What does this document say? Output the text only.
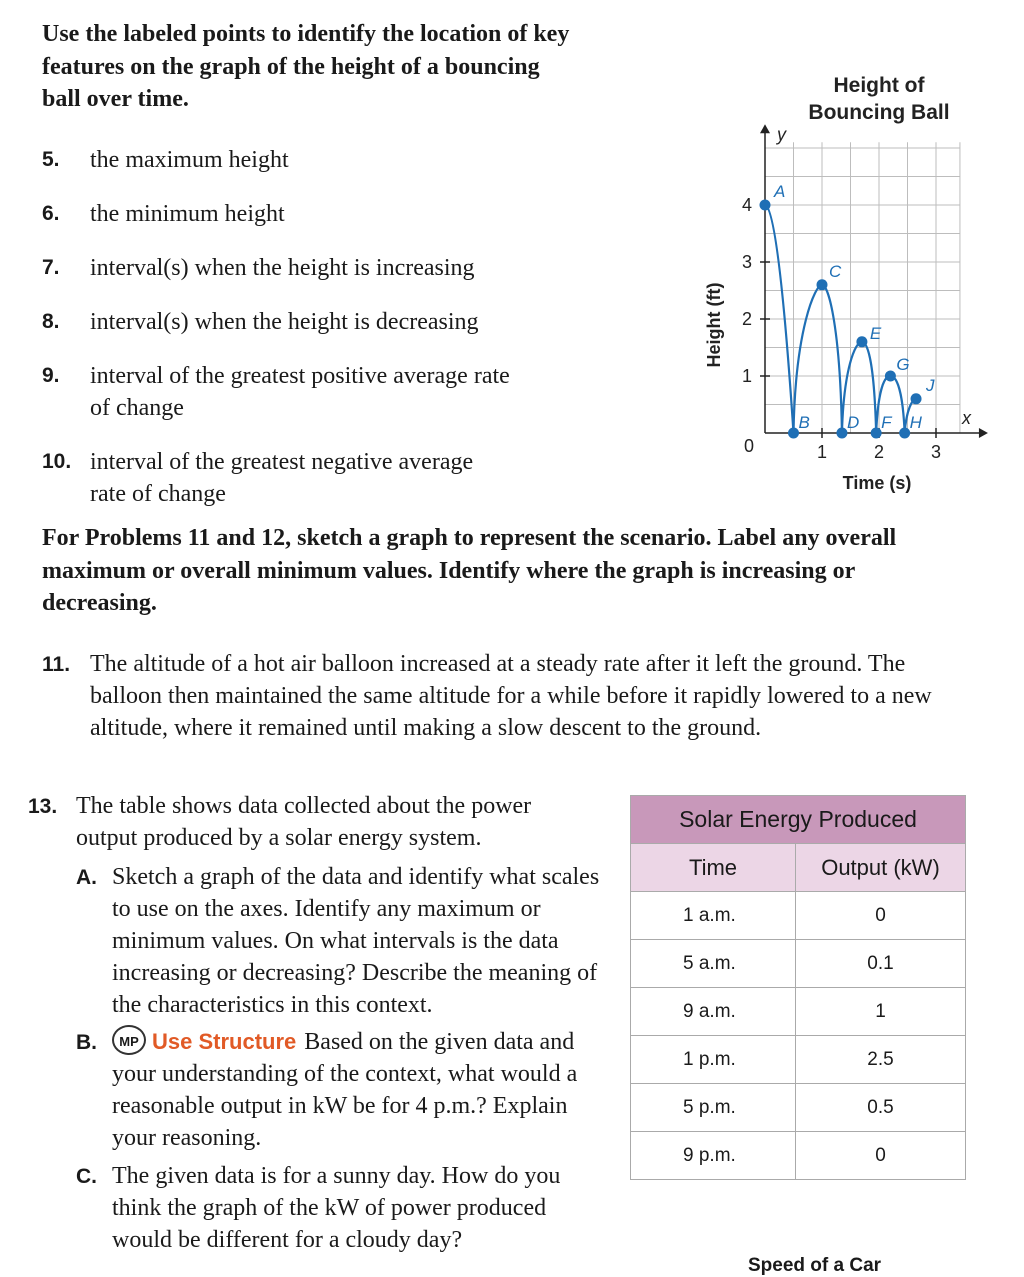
Use the labeled points to identify the location of key features on the graph of the height of a bouncing ball over time.
5. the maximum height
6. the minimum height
7. interval(s) when the height is increasing
8. interval(s) when the height is decreasing
9. interval of the greatest positive average rate of change
10. interval of the greatest negative average rate of change
y
x
0	1	2	3
1
2
3
4
A
B
C
D
E
F
G
H
J
Height of
Bouncing Ball
Height (ft)
Time (s)
For Problems 11 and 12, sketch a graph to represent the scenario. Label any overall maximum or overall minimum values. Identify where the graph is increasing or decreasing.
11. The altitude of a hot air balloon increased at a steady rate after it left the ground. The balloon then maintained the same altitude for a while before it rapidly lowered to a new altitude, where it remained until making a slow descent to the ground.
13. The table shows data collected about the power output produced by a solar energy system.
A. Sketch a graph of the data and identify what scales to use on the axes. Identify any maximum or minimum values. On what intervals is the data increasing or decreasing? Describe the meaning of the characteristics in this context.
B.	MP Use Structure Based on the given data and your understanding of the context, what would a reasonable output in kW be for 4 p.m.? Explain your reasoning.
C. The given data is for a sunny day. How do you think the graph of the kW of power produced would be different for a cloudy day?
Solar Energy Produced	
Time	Output (kW)
1 a.m.	0
5 a.m.	0.1
9 a.m.	1
1 p.m.	2.5
5 p.m.	0.5
9 p.m.	0
Speed of a Car
